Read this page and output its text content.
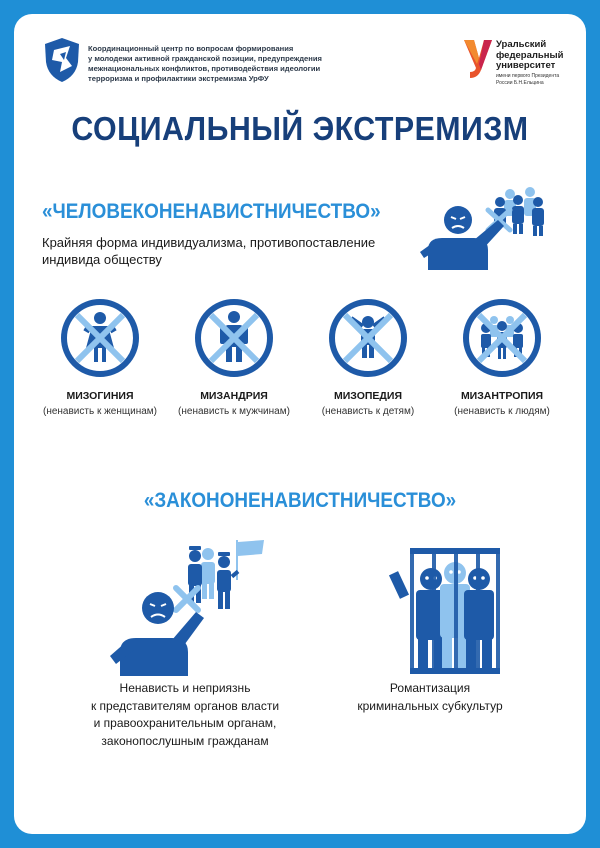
Координационный центр по вопросам формирования
у молодежи активной гражданской позиции, предупреждения
межнациональных конфликтов, противодействия идеологии
терроризма и профилактики экстремизма УрФУ
Уральский
федеральный
университет
имени первого Президента
России Б.Н.Ельцина
СОЦИАЛЬНЫЙ ЭКСТРЕМИЗМ
«ЧЕЛОВЕКОНЕНАВИСТНИЧЕСТВО»
Крайняя форма индивидуализма, противопоставление
индивида обществу
МИЗОГИНИЯ
(ненависть к женщинам)
МИЗАНДРИЯ
(ненависть к мужчинам)
МИЗОПЕДИЯ
(ненависть к детям)
МИЗАНТРОПИЯ
(ненависть к людям)
«ЗАКОНОНЕНАВИСТНИЧЕСТВО»
Ненависть и неприязнь
к представителям органов власти
и правоохранительным органам,
законопослушным гражданам
Романтизация
криминальных субкультур
